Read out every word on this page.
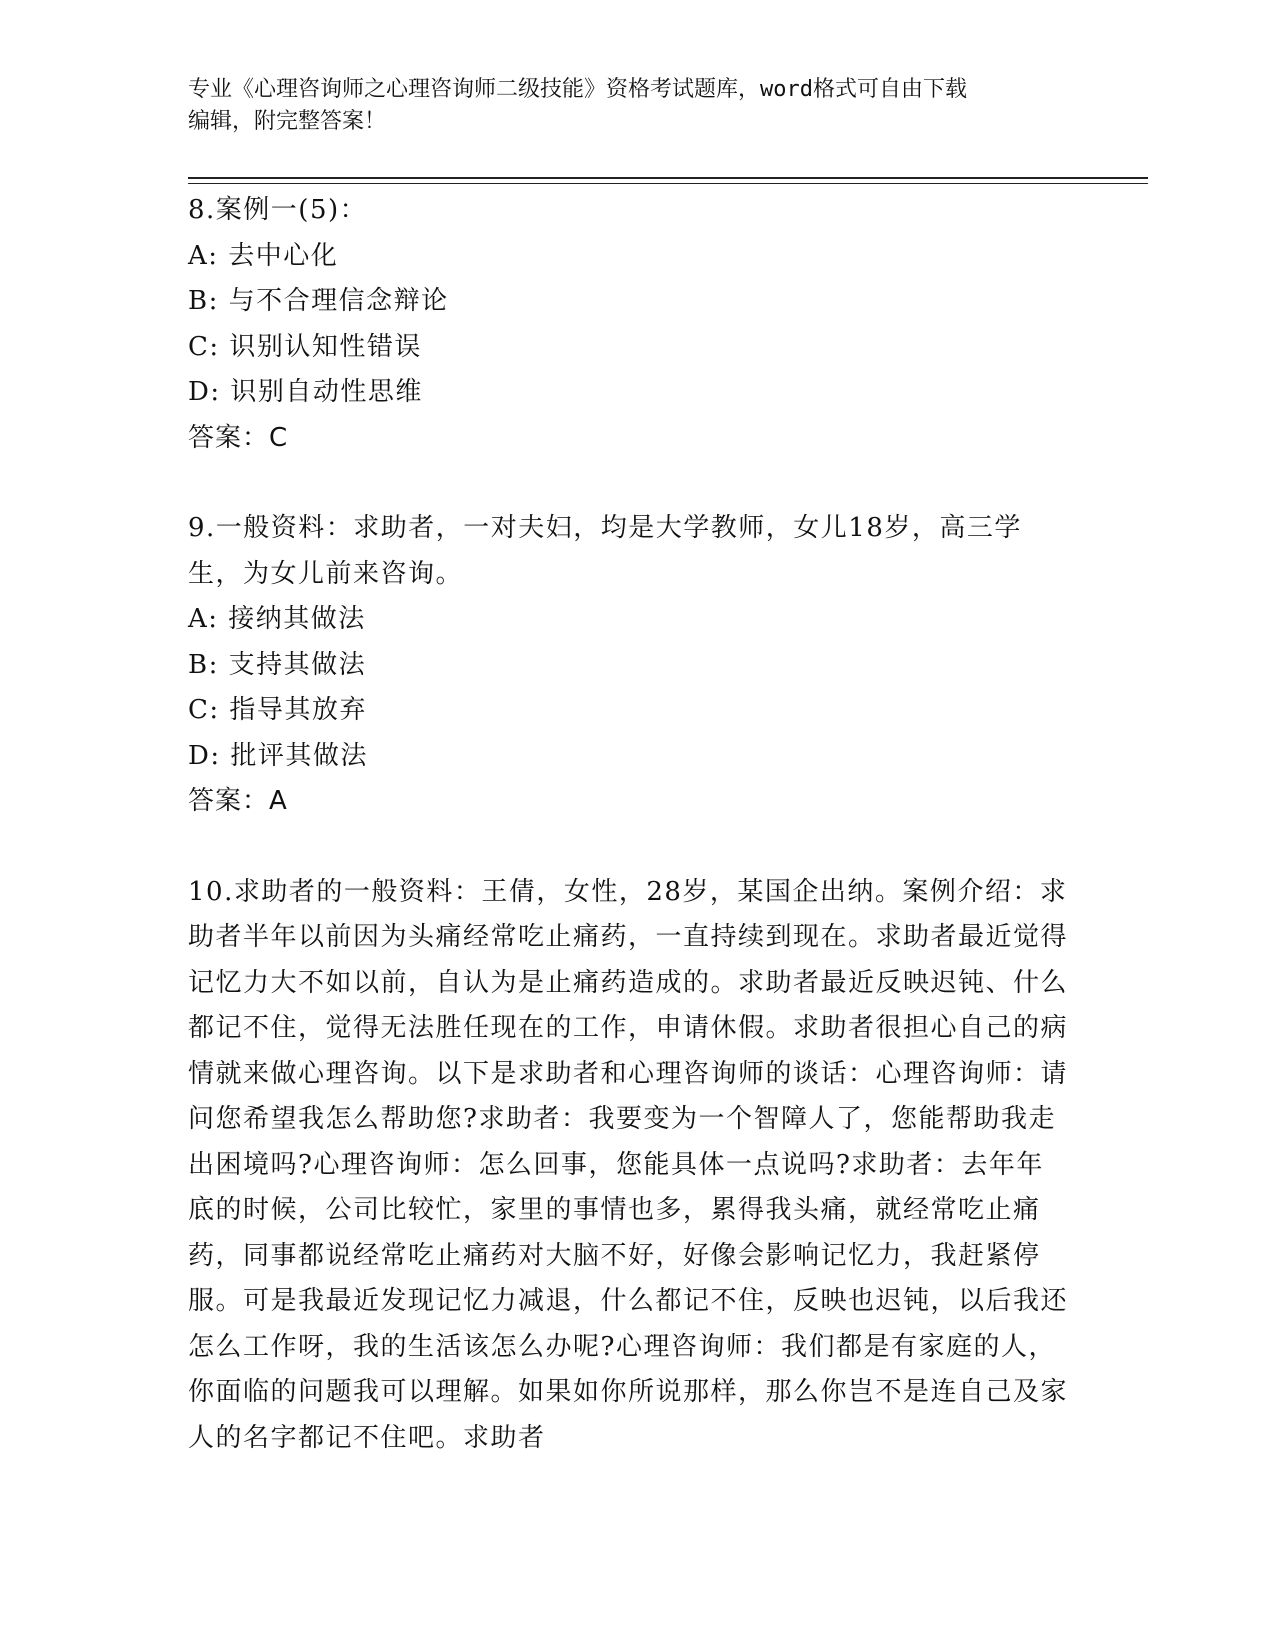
专业《心理咨询师之心理咨询师二级技能》资格考试题库，word格式可自由下载
编辑，附完整答案！

8.案例一(5)：

A: 去中心化

B: 与不合理信念辩论

C: 识别认知性错误

D: 识别自动性思维

答案：C

9.一般资料：求助者，一对夫妇，均是大学教师，女儿18岁，高三学生，为女儿前来咨询。

A: 接纳其做法

B: 支持其做法

C: 指导其放弃

D: 批评其做法

答案：A

10.求助者的一般资料：王倩，女性，28岁，某国企出纳。案例介绍：求助者半年以前因为头痛经常吃止痛药，一直持续到现在。求助者最近觉得记忆力大不如以前，自认为是止痛药造成的。求助者最近反映迟钝、什么都记不住，觉得无法胜任现在的工作，申请休假。求助者很担心自己的病情就来做心理咨询。以下是求助者和心理咨询师的谈话：心理咨询师：请问您希望我怎么帮助您?求助者：我要变为一个智障人了，您能帮助我走出困境吗?心理咨询师：怎么回事，您能具体一点说吗?求助者：去年年底的时候，公司比较忙，家里的事情也多，累得我头痛，就经常吃止痛药，同事都说经常吃止痛药对大脑不好，好像会影响记忆力，我赶紧停服。可是我最近发现记忆力减退，什么都记不住，反映也迟钝，以后我还怎么工作呀，我的生活该怎么办呢?心理咨询师：我们都是有家庭的人，你面临的问题我可以理解。如果如你所说那样，那么你岂不是连自己及家人的名字都记不住吧。求助者
